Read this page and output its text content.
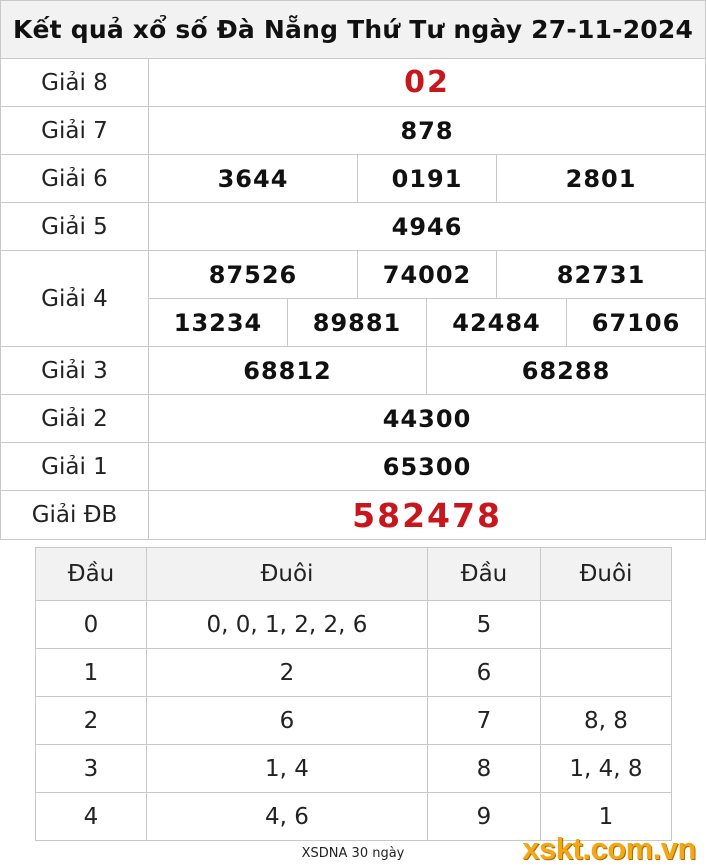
Kết quả xổ số Đà Nẵng Thứ Tư ngày 27-11-2024						
Giải 8	02					
Giải 7	878					
Giải 6	3644		0191		2801	
Giải 5	4946					
Giải 4	87526		74002		82731	
	13234	89881		42484		67106
Giải 3	68812			68288		
Giải 2	44300					
Giải 1	65300					
Giải ĐB	582478					
Đầu	Đuôi	Đầu	Đuôi
0	0, 0, 1, 2, 2, 6	5	
1	2	6	
2	6	7	8, 8
3	1, 4	8	1, 4, 8
4	4, 6	9	1
XSDNA 30 ngày	xskt.com.vn
